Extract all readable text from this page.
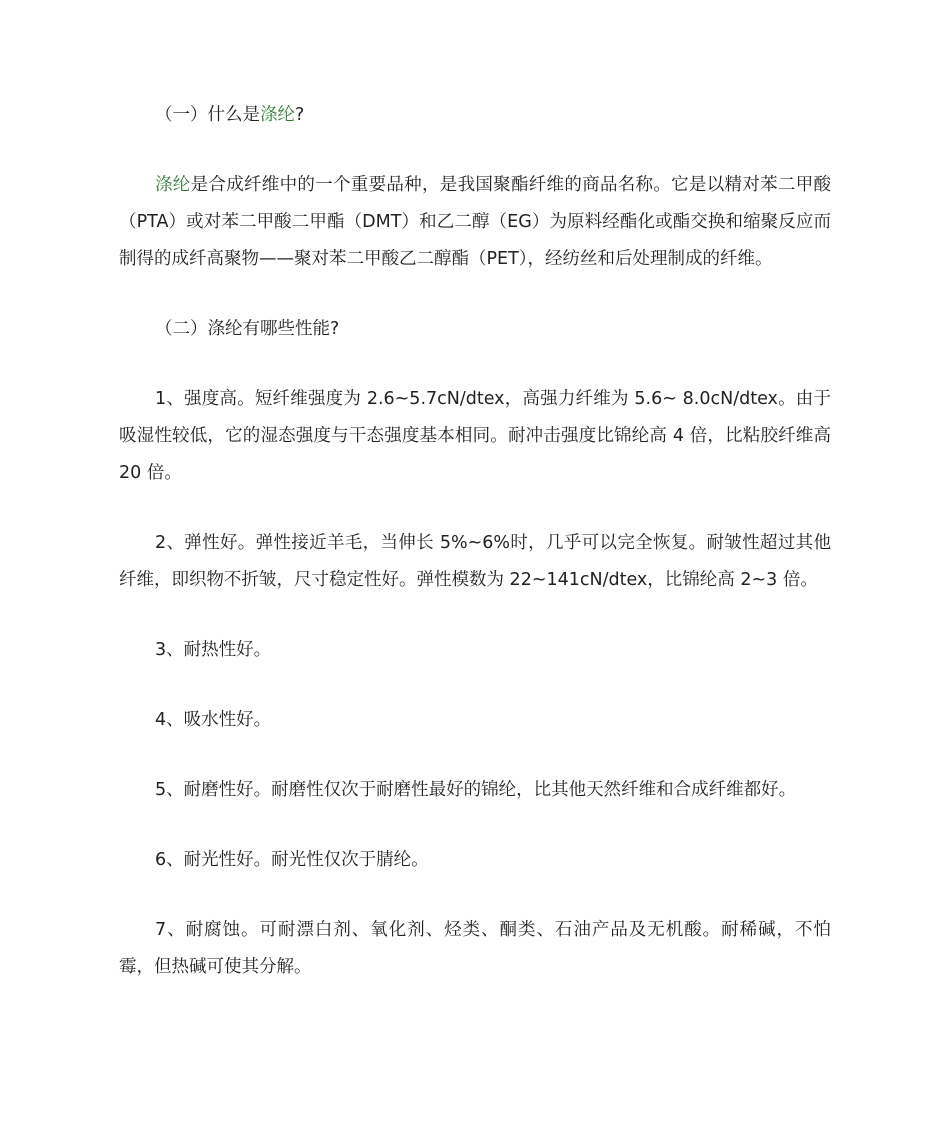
（一）什么是涤纶?

涤纶是合成纤维中的一个重要品种，是我国聚酯纤维的商品名称。它是以精对苯二甲酸（PTA）或对苯二甲酸二甲酯（DMT）和乙二醇（EG）为原料经酯化或酯交换和缩聚反应而制得的成纤高聚物——聚对苯二甲酸乙二醇酯（PET），经纺丝和后处理制成的纤维。

（二）涤纶有哪些性能?

1、强度高。短纤维强度为 2.6~5.7cN/dtex，高强力纤维为 5.6~ 8.0cN/dtex。由于吸湿性较低，它的湿态强度与干态强度基本相同。耐冲击强度比锦纶高 4 倍，比粘胶纤维高 20 倍。

2、弹性好。弹性接近羊毛，当伸长 5%~6%时，几乎可以完全恢复。耐皱性超过其他纤维，即织物不折皱，尺寸稳定性好。弹性模数为 22~141cN/dtex，比锦纶高 2~3 倍。

3、耐热性好。

4、吸水性好。

5、耐磨性好。耐磨性仅次于耐磨性最好的锦纶，比其他天然纤维和合成纤维都好。

6、耐光性好。耐光性仅次于腈纶。

7、耐腐蚀。可耐漂白剂、氧化剂、烃类、酮类、石油产品及无机酸。耐稀碱，不怕霉，但热碱可使其分解。
